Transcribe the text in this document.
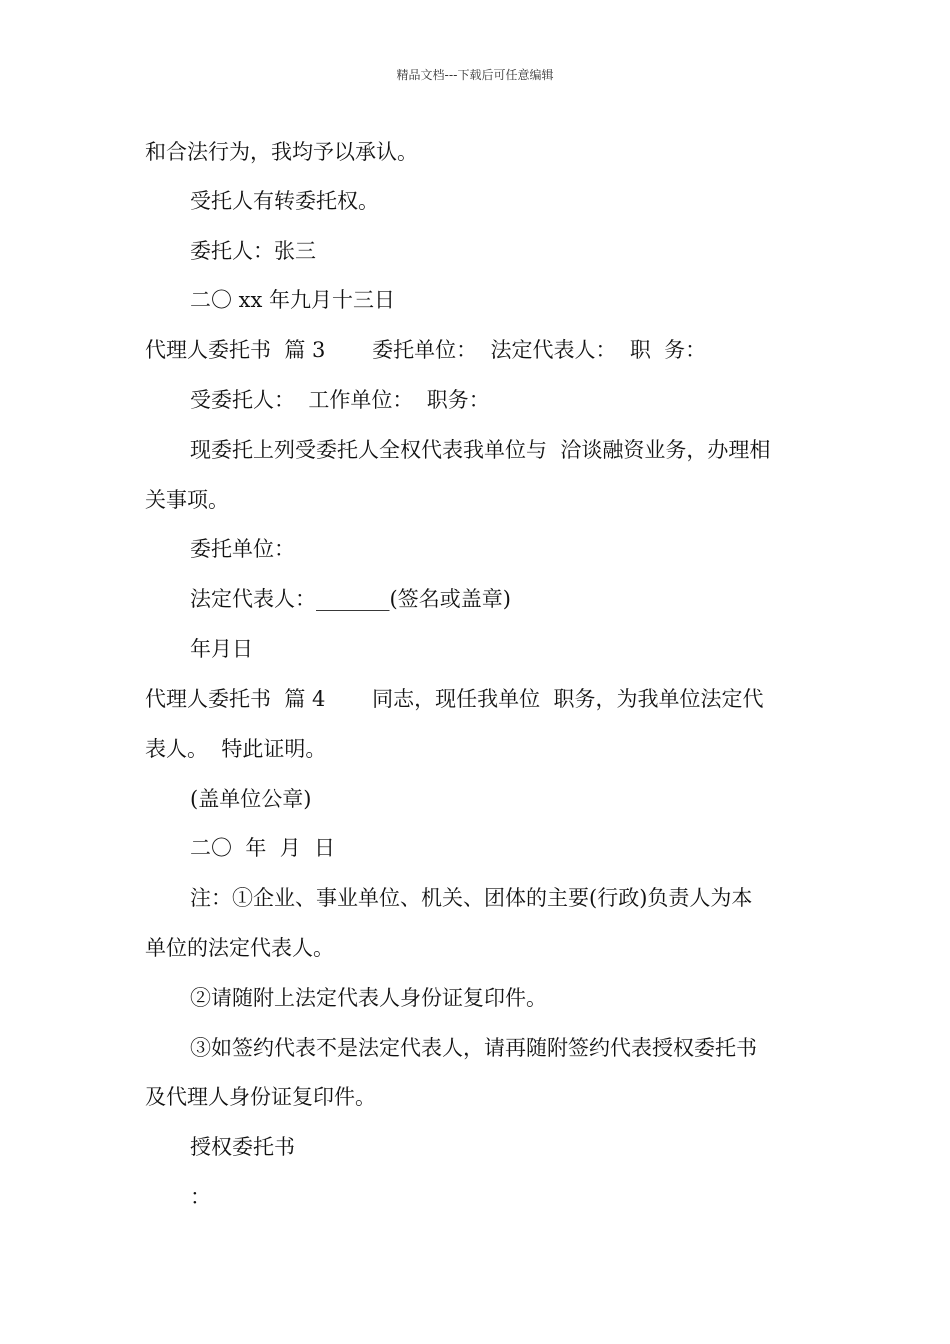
精品文档---下载后可任意编辑
和合法行为，我均予以承认。
受托人有转委托权。
委托人：张三
二〇 xx 年九月十三日
代理人委托书  篇 3       委托单位：  法定代表人：  职  务：
受委托人：  工作单位：  职务：
现委托上列受委托人全权代表我单位与  洽谈融资业务，办理相
关事项。
委托单位：
法定代表人：_______(签名或盖章)
年月日
代理人委托书  篇 4       同志，现任我单位  职务，为我单位法定代
表人。  特此证明。
(盖单位公章)
二〇  年  月  日
注：①企业、事业单位、机关、团体的主要(行政)负责人为本
单位的法定代表人。
②请随附上法定代表人身份证复印件。
③如签约代表不是法定代表人，请再随附签约代表授权委托书
及代理人身份证复印件。
授权委托书
：
